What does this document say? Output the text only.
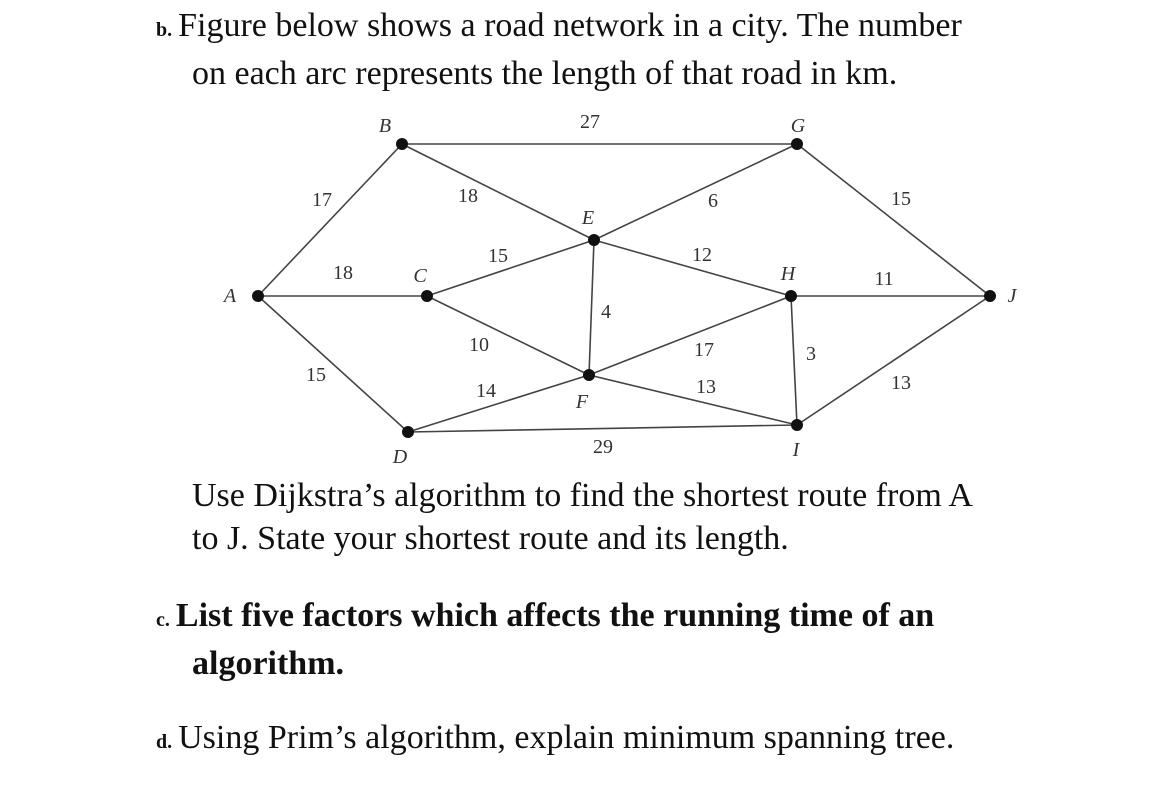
b. Figure below shows a road network in a city. The number
on each arc represents the length of that road in km.
17
18
15
27
18
15
10
14
29
6
12
4
17
13
3
15
11
13
A
B
C
D
E
F
G
H
I
J
Use Dijkstra’s algorithm to find the shortest route from A
to J. State your shortest route and its length.
c. List five factors which affects the running time of an
algorithm.
d. Using Prim’s algorithm, explain minimum spanning tree.
